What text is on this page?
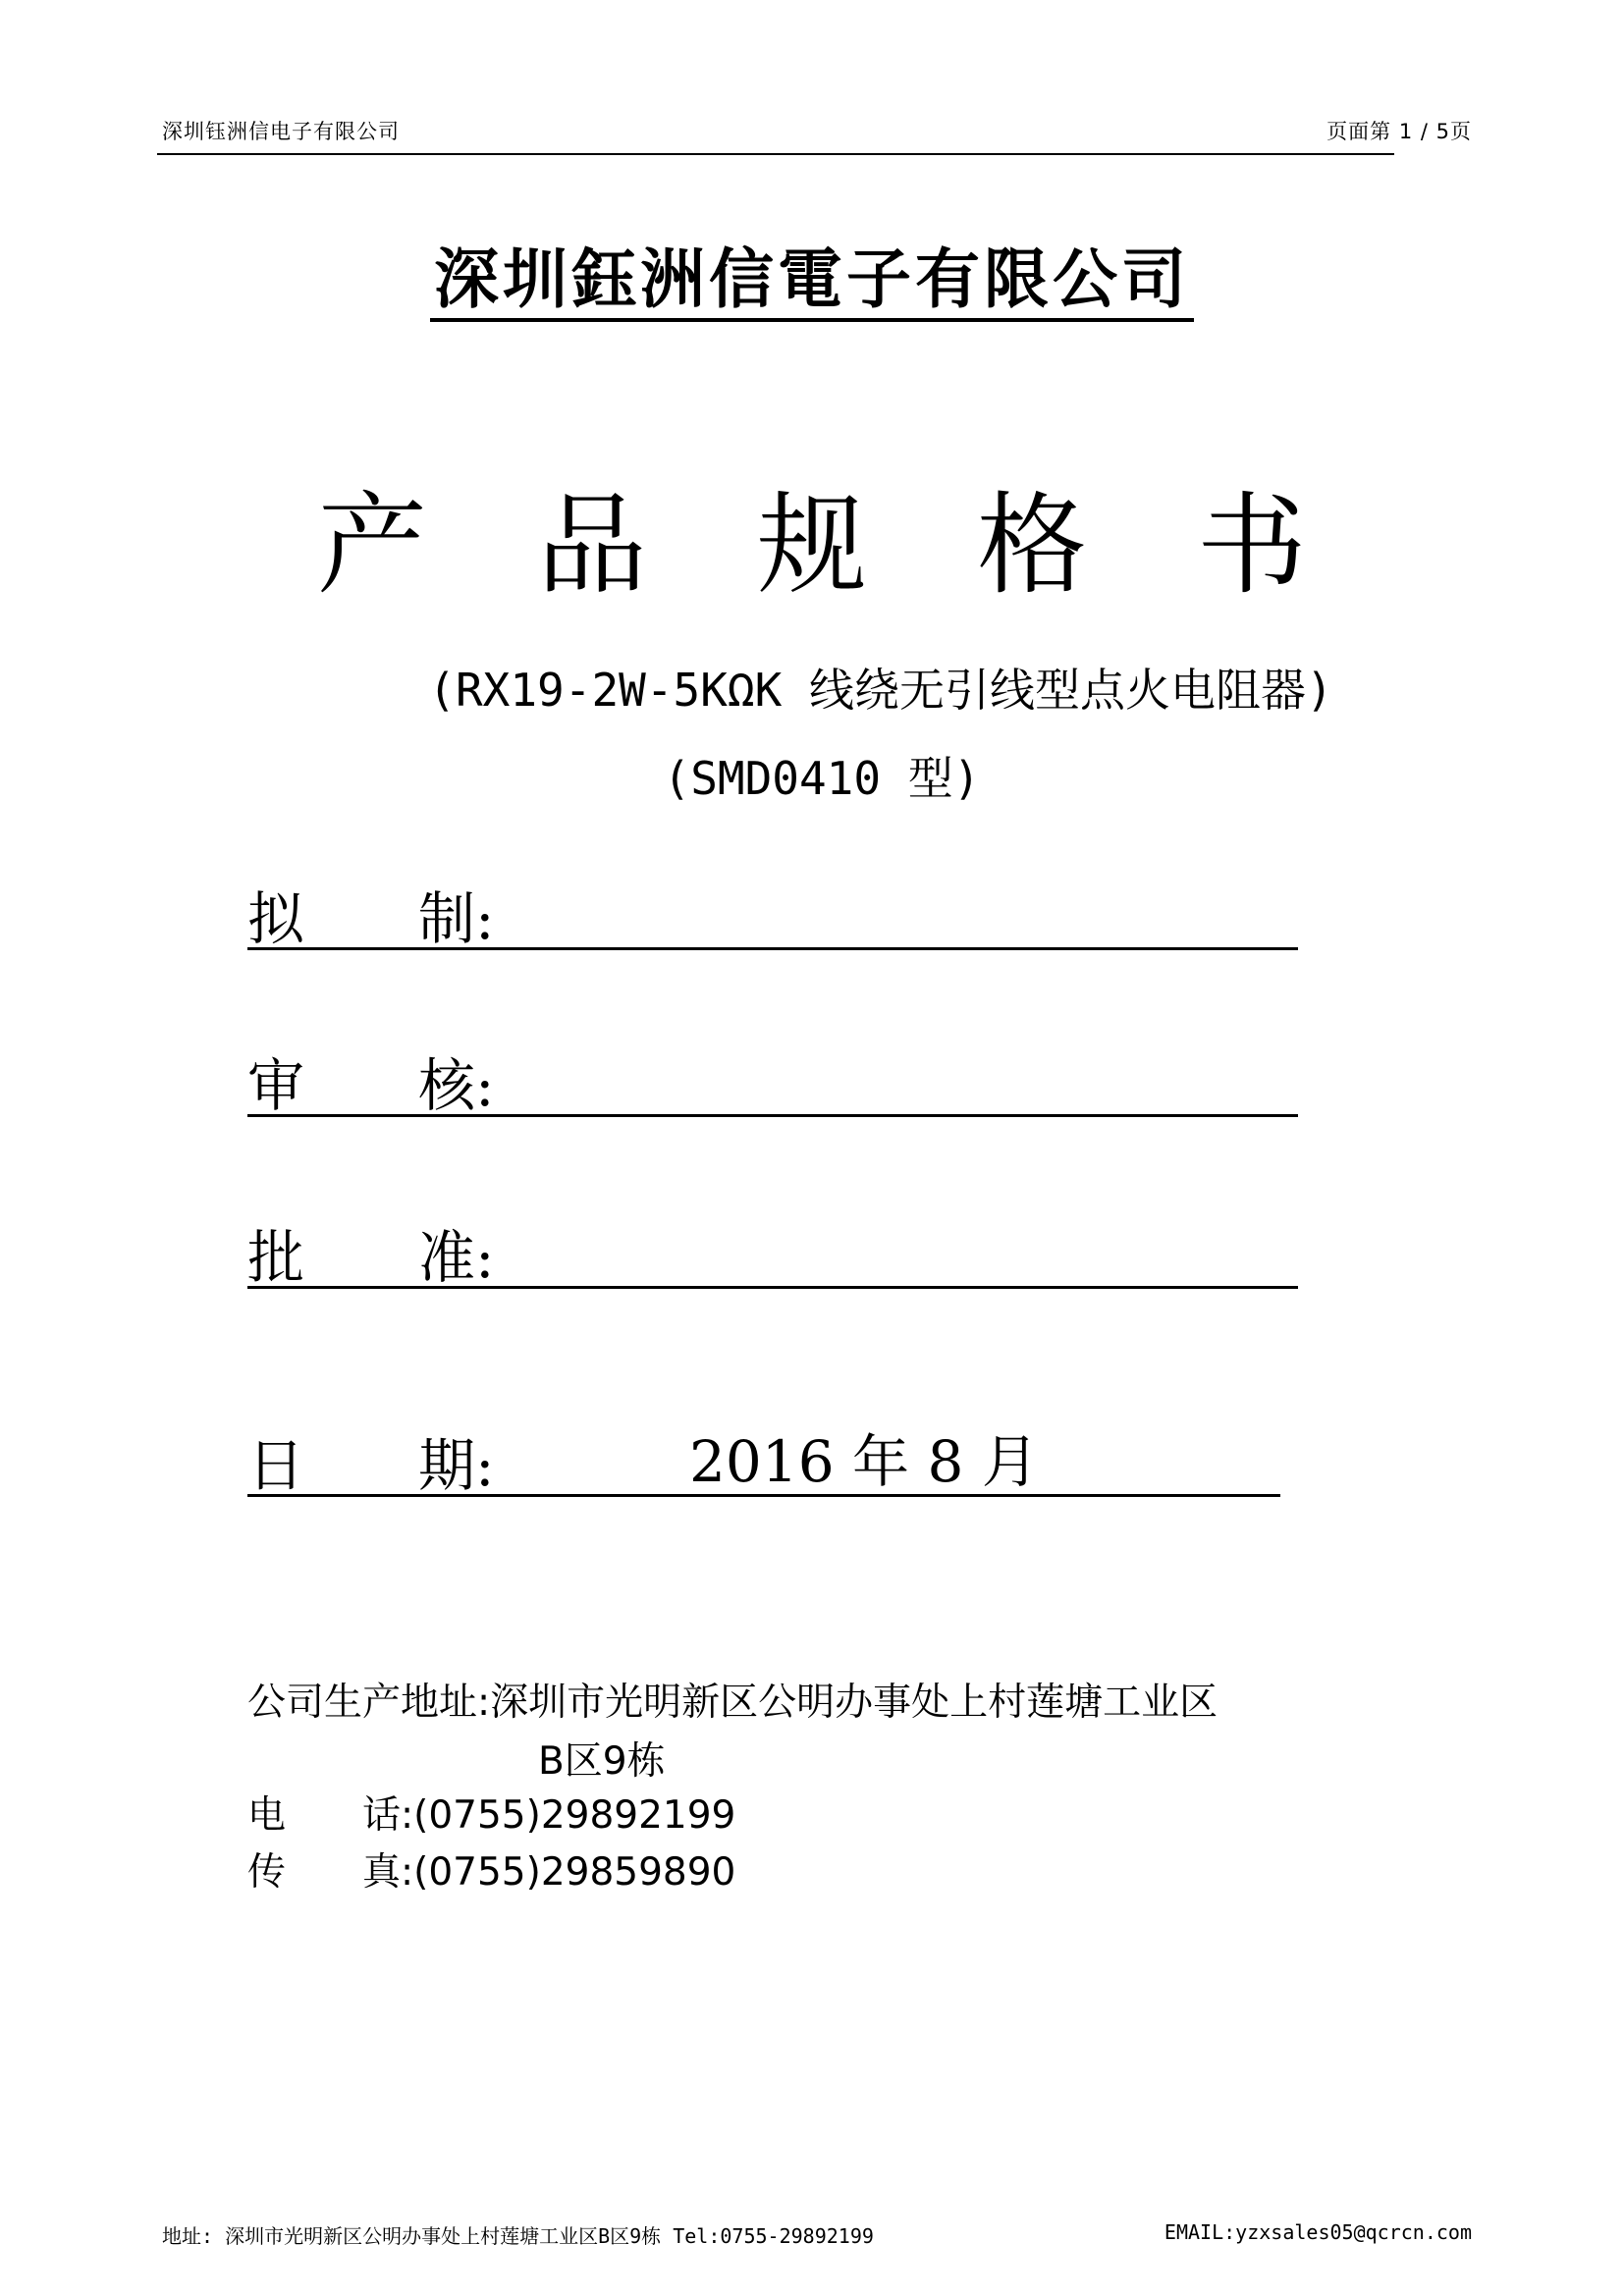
深圳钰洲信电子有限公司	页面第 1 / 5页
深圳鈺洲信電子有限公司
产品规格书
(RX19-2W-5KΩK 线绕无引线型点火电阻器)
(SMD0410 型)
拟　　制:
审　　核:
批　　准:
日　　期:	2016 年 8 月
公司生产地址:深圳市光明新区公明办事处上村莲塘工业区
B区9栋
电　　话:(0755)29892199
传　　真:(0755)29859890
地址: 深圳市光明新区公明办事处上村莲塘工业区B区9栋 Tel:0755-29892199	EMAIL:yzxsales05@qcrcn.com
